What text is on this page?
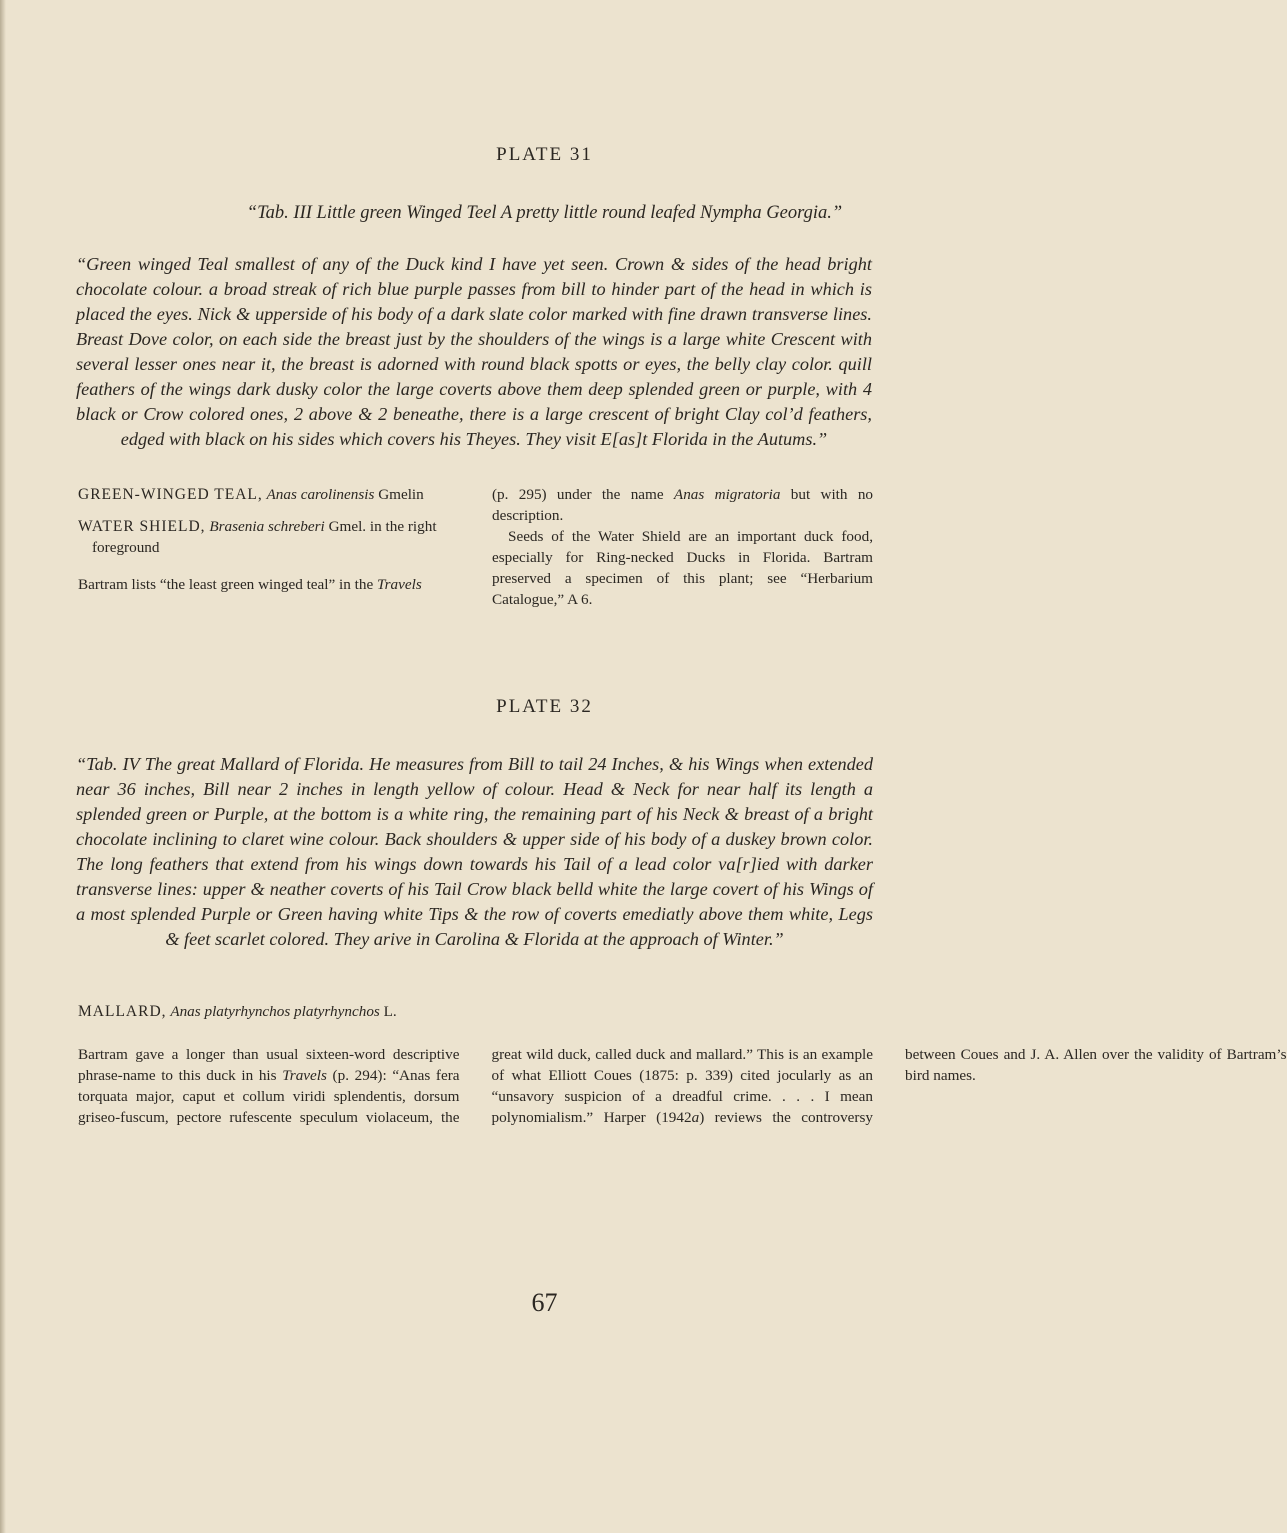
PLATE 31
“Tab. III Little green Winged Teel A pretty little round leafed Nympha Georgia.”

“Green winged Teal smallest of any of the Duck kind I have yet seen. Crown & sides of the head bright chocolate colour. a broad streak of rich blue purple passes from bill to hinder part of the head in which is placed the eyes. Nick & upperside of his body of a dark slate color marked with fine drawn transverse lines. Breast Dove color, on each side the breast just by the shoulders of the wings is a large white Crescent with several lesser ones near it, the breast is adorned with round black spotts or eyes, the belly clay color. quill feathers of the wings dark dusky color the large coverts above them deep splended green or purple, with 4 black or Crow colored ones, 2 above & 2 beneathe, there is a large crescent of bright Clay col’d feathers, edged with black on his sides which covers his Theyes. They visit E[as]t Florida in the Autums.”

GREEN-WINGED TEAL, Anas carolinensis Gmelin

WATER SHIELD, Brasenia schreberi Gmel. in the right foreground

Bartram lists “the least green winged teal” in the Travels

(p. 295) under the name Anas migratoria but with no description.

Seeds of the Water Shield are an important duck food, especially for Ring-necked Ducks in Florida. Bartram preserved a specimen of this plant; see “Herbarium Catalogue,” A 6.

PLATE 32

“Tab. IV The great Mallard of Florida. He measures from Bill to tail 24 Inches, & his Wings when extended near 36 inches, Bill near 2 inches in length yellow of colour. Head & Neck for near half its length a splended green or Purple, at the bottom is a white ring, the remaining part of his Neck & breast of a bright chocolate inclining to claret wine colour. Back shoulders & upper side of his body of a duskey brown color. The long feathers that extend from his wings down towards his Tail of a lead color va[r]ied with darker transverse lines: upper & neather coverts of his Tail Crow black belld white the large covert of his Wings of a most splended Purple or Green having white Tips & the row of coverts emediatly above them white, Legs & feet scarlet colored. They arive in Carolina & Florida at the approach of Winter.”

MALLARD, Anas platyrhynchos platyrhynchos L.

Bartram gave a longer than usual sixteen-word descriptive phrase-name to this duck in his Travels (p. 294): “Anas fera torquata major, caput et collum viridi splendentis, dorsum griseo-fuscum, pectore rufescente speculum violaceum, the great wild duck, called duck and mallard.” This is an example of what Elliott Coues (1875: p. 339) cited jocularly as an “unsavory suspicion of a dreadful crime. . . . I mean polynomialism.” Harper (1942a) reviews the controversy between Coues and J. A. Allen over the validity of Bartram’s bird names.

67
